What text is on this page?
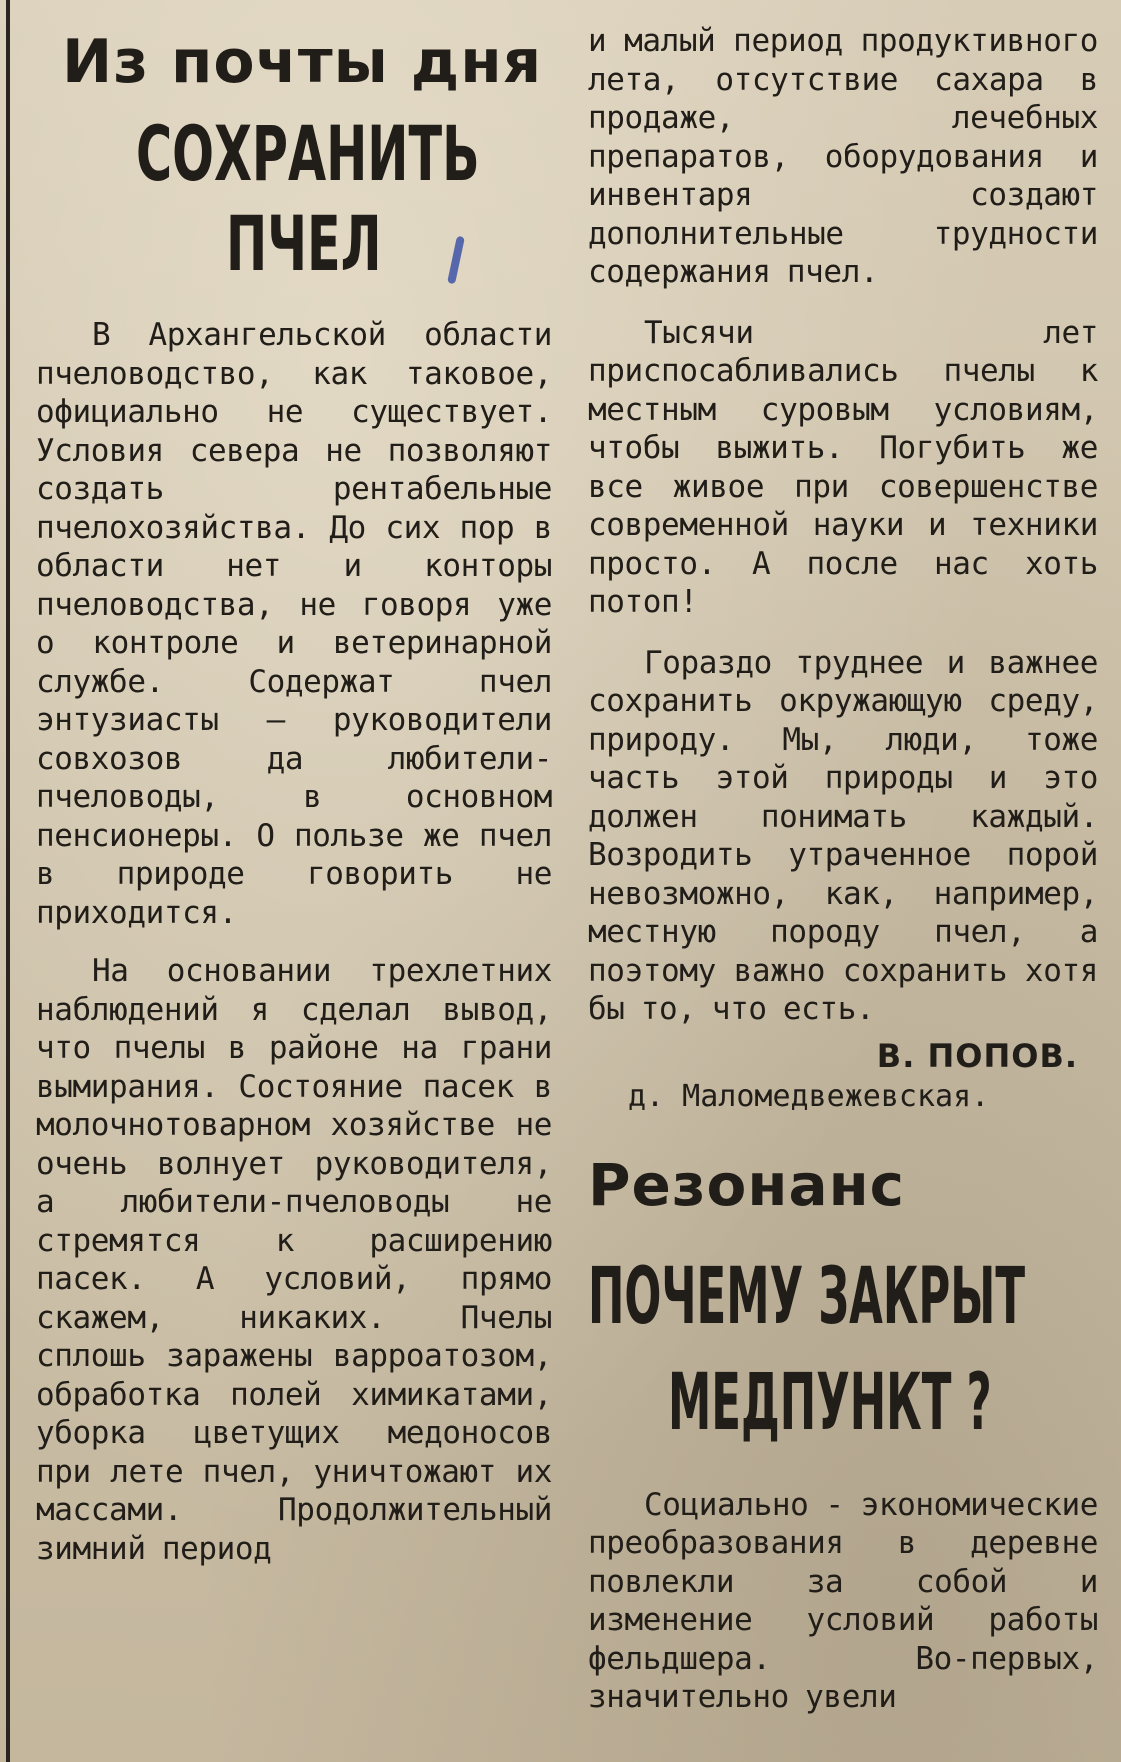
Из почты дня
СОХРАНИТЬ
ПЧЕЛ

В Архангельской области пчеловодство, как таковое, официально не существует. Условия севера не позволяют создать рентабельные пчелохозяйства. До сих пор в области нет и конторы пчеловодства, не говоря уже о контроле и ветеринарной службе. Содержат пчел энтузиасты — руководители совхозов да любители-пчеловоды, в основном пенсионеры. О пользе же пчел в природе говорить не приходится.

На основании трехлетних наблюдений я сделал вывод, что пчелы в районе на грани вымирания. Состояние пасек в молочнотоварном хозяйстве не очень волнует руководителя, а любители-пчеловоды не стремятся к расширению пасек. А условий, прямо скажем, никаких. Пчелы сплошь заражены варроатозом, обработка полей химикатами, уборка цветущих медоносов при лете пчел, уничтожают их массами. Продолжительный зимний период

и малый период продуктивного лета, отсутствие сахара в продаже, лечебных препаратов, оборудования и инвентаря создают дополнительные трудности содержания пчел.

Тысячи лет приспосабливались пчелы к местным суровым условиям, чтобы выжить. Погубить же все живое при совершенстве современной науки и техники просто. А после нас хоть потоп!

Гораздо труднее и важнее сохранить окружающую среду, природу. Мы, люди, тоже часть этой природы и это должен понимать каждый. Возродить утраченное порой невозможно, как, например, местную породу пчел, а поэтому важно сохранить хотя бы то, что есть.

В. ПОПОВ.
д. Маломедвежевская.
Резонанс
ПОЧЕМУ ЗАКРЫТ
МЕДПУНКТ ?

Социально - экономические преобразования в деревне повлекли за собой и изменение условий работы фельдшера. Во-первых, значительно увели
